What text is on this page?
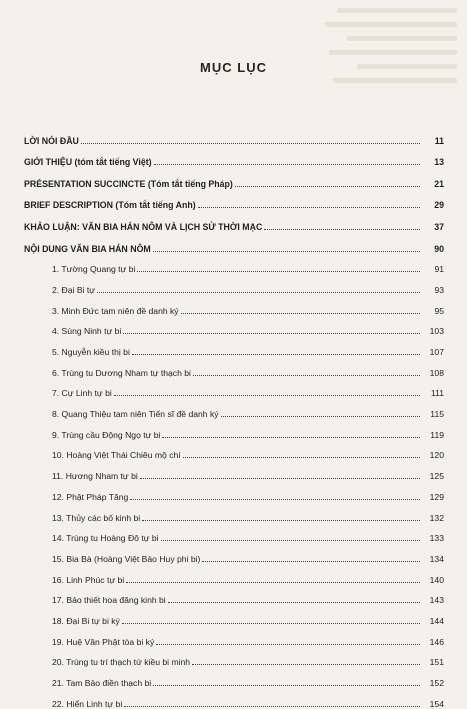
MỤC LỤC
LỜI NÓI ĐẦU	11
GIỚI THIỆU (tóm tắt tiếng Việt)	13
PRÉSENTATION SUCCINCTE (Tóm tắt tiếng Pháp)	21
BRIEF DESCRIPTION (Tóm tắt tiếng Anh)	29
KHẢO LUẬN: VĂN BIA HÁN NÔM VÀ LỊCH SỬ THỜI MẠC	37
NỘI DUNG VĂN BIA HÁN NÔM	90
1. Tường Quang tự bi	91
2. Đại Bi tự	93
3. Minh Đức tam niên đề danh ký	95
4. Sùng Ninh tự bi	103
5. Nguyễn kiều thị bi	107
6. Trùng tu Dương Nham tự thạch bi	108
7. Cự Linh tự bi	111
8. Quang Thiệu tam niên Tiến sĩ đề danh ký	115
9. Trùng cầu Động Ngọ tự bi	119
10. Hoàng Việt Thái Chiêu mộ chí	120
11. Hương Nham tự bi	125
12. Phật Pháp Tăng	129
13. Thủy các bố kinh bi	132
14. Trùng tu Hoàng Đô tự bi	133
15. Bia Bà (Hoàng Việt Bảo Huy phi bi)	134
16. Linh Phúc tự bi	140
17. Bảo thiết hoa đăng kinh bi	143
18. Đại Bi tự bi ký	144
19. Huệ Vân Phật tòa bi ký	146
20. Trùng tu trí thạch tứ kiều bi minh	151
21. Tam Bảo điền thạch bi	152
22. Hiển Linh tự bi	154
